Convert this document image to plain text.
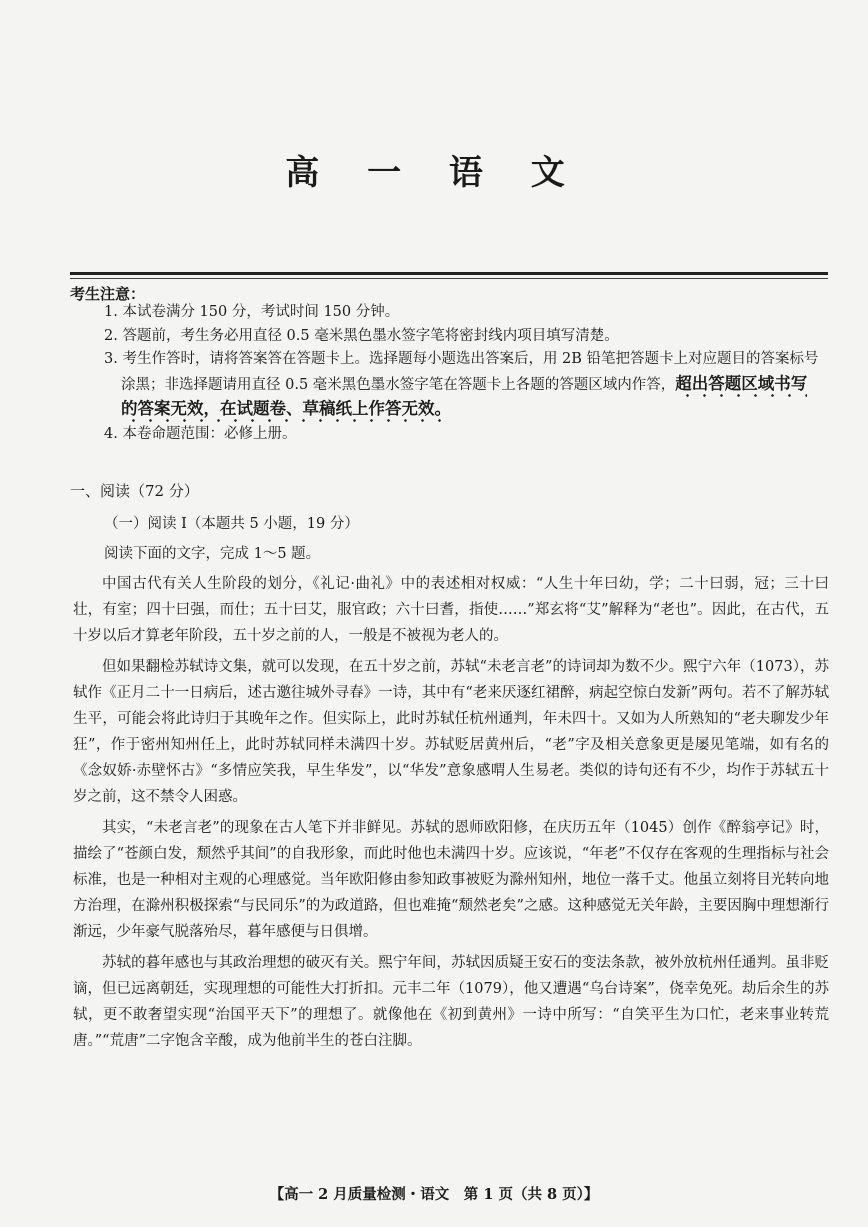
高 一 语 文
考生注意：

1. 本试卷满分 150 分，考试时间 150 分钟。

2. 答题前，考生务必用直径 0.5 毫米黑色墨水签字笔将密封线内项目填写清楚。

3. 考生作答时，请将答案答在答题卡上。选择题每小题选出答案后，用 2B 铅笔把答题卡上对应题目的答案标号

涂黑；非选择题请用直径 0.5 毫米黑色墨水签字笔在答题卡上各题的答题区域内作答，超出答题区域书写

的答案无效，在试题卷、草稿纸上作答无效。

4. 本卷命题范围：必修上册。

一、阅读（72 分）
（一）阅读 I（本题共 5 小题，19 分）
阅读下面的文字，完成 1～5 题。

中国古代有关人生阶段的划分，《礼记·曲礼》中的表述相对权威：“人生十年曰幼，学；二十曰弱，冠；三十曰壮，有室；四十曰强，而仕；五十曰艾，服官政；六十曰耆，指使……”郑玄将“艾”解释为“老也”。因此，在古代，五十岁以后才算老年阶段，五十岁之前的人，一般是不被视为老人的。

但如果翻检苏轼诗文集，就可以发现，在五十岁之前，苏轼“未老言老”的诗词却为数不少。熙宁六年（1073），苏轼作《正月二十一日病后，述古邀往城外寻春》一诗，其中有“老来厌逐红裙醉，病起空惊白发新”两句。若不了解苏轼生平，可能会将此诗归于其晚年之作。但实际上，此时苏轼任杭州通判，年未四十。又如为人所熟知的“老夫聊发少年狂”，作于密州知州任上，此时苏轼同样未满四十岁。苏轼贬居黄州后，“老”字及相关意象更是屡见笔端，如有名的《念奴娇·赤壁怀古》“多情应笑我，早生华发”，以“华发”意象感喟人生易老。类似的诗句还有不少，均作于苏轼五十岁之前，这不禁令人困惑。

其实，“未老言老”的现象在古人笔下并非鲜见。苏轼的恩师欧阳修，在庆历五年（1045）创作《醉翁亭记》时，描绘了“苍颜白发，颓然乎其间”的自我形象，而此时他也未满四十岁。应该说，“年老”不仅存在客观的生理指标与社会标准，也是一种相对主观的心理感觉。当年欧阳修由参知政事被贬为滁州知州，地位一落千丈。他虽立刻将目光转向地方治理，在滁州积极探索“与民同乐”的为政道路，但也难掩“颓然老矣”之感。这种感觉无关年龄，主要因胸中理想渐行渐远，少年豪气脱落殆尽，暮年感便与日俱增。

苏轼的暮年感也与其政治理想的破灭有关。熙宁年间，苏轼因质疑王安石的变法条款，被外放杭州任通判。虽非贬谪，但已远离朝廷，实现理想的可能性大打折扣。元丰二年（1079），他又遭遇“乌台诗案”，侥幸免死。劫后余生的苏轼，更不敢奢望实现“治国平天下”的理想了。就像他在《初到黄州》一诗中所写：“自笑平生为口忙，老来事业转荒唐。”“荒唐”二字饱含辛酸，成为他前半生的苍白注脚。

【高一 2 月质量检测・语文　第 1 页（共 8 页）】
